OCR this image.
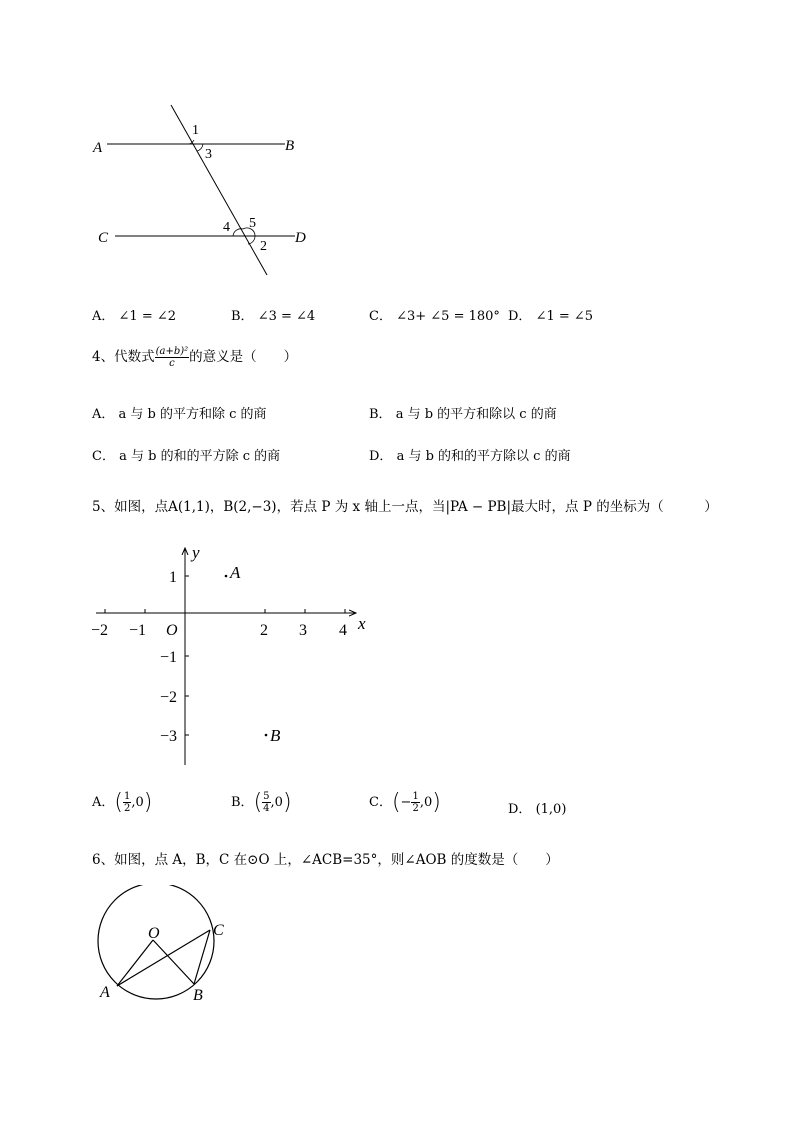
A	B
C	D
1
3
4 5
2
A． ∠1 = ∠2	B． ∠3 = ∠4	C． ∠3+ ∠5 = 180° D． ∠1 = ∠5
4、代数式 $\frac{\text{(a+b)²}}{c}$ 的意义是（　　）
A． a 与 b 的平方和除 c 的商	B． a 与 b 的平方和除以 c 的商
C． a 与 b 的和的平方除 c 的商	D． a 与 b 的和的平方除以 c 的商
5、如图，点A(1,1)，B(2,−3)，若点 P 为 x 轴上一点，当|PA − PB|最大时，点 P 的坐标为（　　　）
−2 −1	2 3 4
O	x
y
1
−1
−2
−3
A
B
A．( $\frac{1}{2} ,0$)	B．( $\frac{5}{4} ,0$)	C．(− $\frac{1}{2} ,0$)	D． (1,0)
6、如图，点 A，B，C 在⊙O 上，∠ACB=35°，则∠AOB 的度数是（　　）
O
A	B
C
